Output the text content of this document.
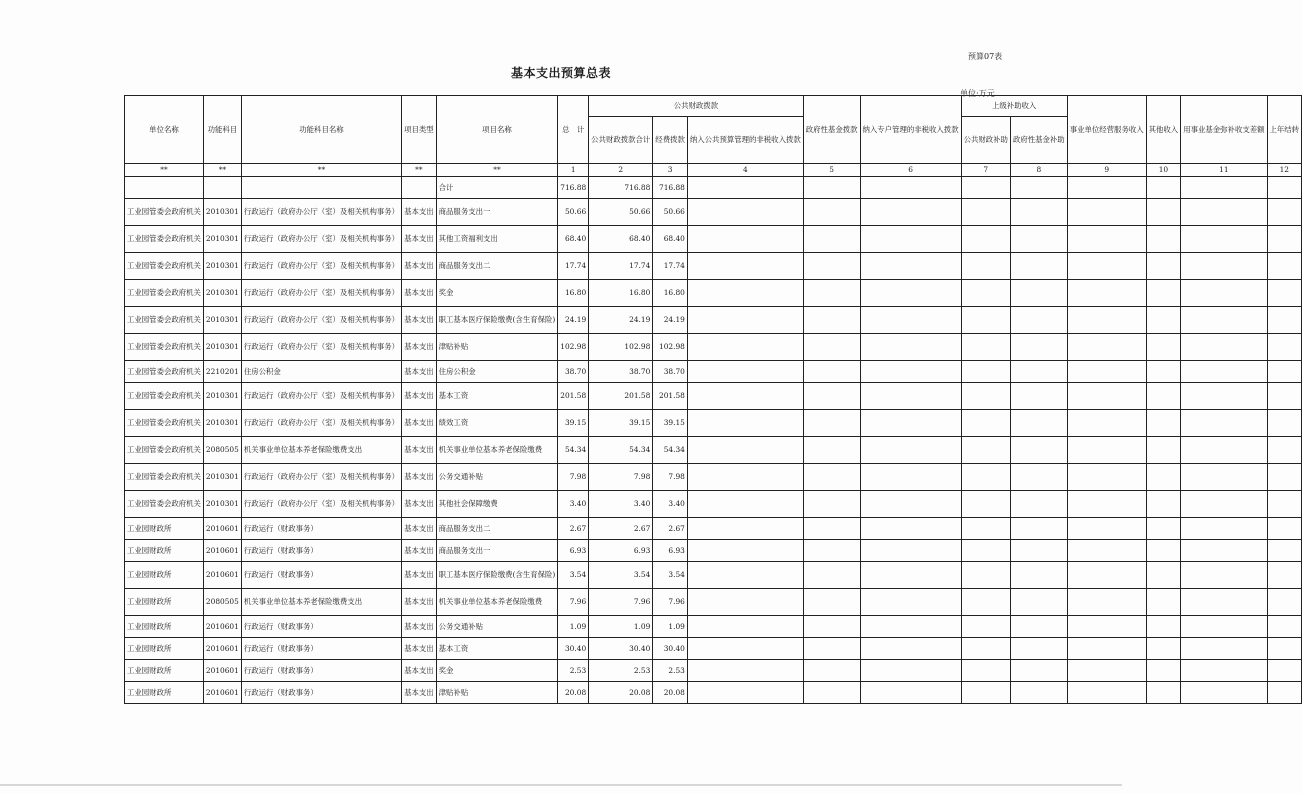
预算07表
基本支出预算总表
单位:万元
单位名称	功能科目	功能科目名称	项目类型	项目名称	总　计	公共财政拨款			政府性基金拨款	纳入专户管理的非税收入拨款	上级补助收入		事业单位经营服务收入	其他收入	用事业基金弥补收支差额	上年结转
						公共财政拨款合计	经费拨款	纳入公共预算管理的非税收入拨款			公共财政补助	政府性基金补助				
**	**	**	**	**	1	2	3	4	5	6	7	8	9	10	11	12
				合计	716.88	716.88	716.88									
工业园管委会政府机关	2010301	行政运行（政府办公厅（室）及相关机构事务）	基本支出	商品服务支出一	50.66	50.66	50.66									
工业园管委会政府机关	2010301	行政运行（政府办公厅（室）及相关机构事务）	基本支出	其他工资福利支出	68.40	68.40	68.40									
工业园管委会政府机关	2010301	行政运行（政府办公厅（室）及相关机构事务）	基本支出	商品服务支出二	17.74	17.74	17.74									
工业园管委会政府机关	2010301	行政运行（政府办公厅（室）及相关机构事务）	基本支出	奖金	16.80	16.80	16.80									
工业园管委会政府机关	2010301	行政运行（政府办公厅（室）及相关机构事务）	基本支出	职工基本医疗保险缴费(含生育保险)	24.19	24.19	24.19									
工业园管委会政府机关	2010301	行政运行（政府办公厅（室）及相关机构事务）	基本支出	津贴补贴	102.98	102.98	102.98									
工业园管委会政府机关	2210201	住房公积金	基本支出	住房公积金	38.70	38.70	38.70									
工业园管委会政府机关	2010301	行政运行（政府办公厅（室）及相关机构事务）	基本支出	基本工资	201.58	201.58	201.58									
工业园管委会政府机关	2010301	行政运行（政府办公厅（室）及相关机构事务）	基本支出	绩效工资	39.15	39.15	39.15									
工业园管委会政府机关	2080505	机关事业单位基本养老保险缴费支出	基本支出	机关事业单位基本养老保险缴费	54.34	54.34	54.34									
工业园管委会政府机关	2010301	行政运行（政府办公厅（室）及相关机构事务）	基本支出	公务交通补贴	7.98	7.98	7.98									
工业园管委会政府机关	2010301	行政运行（政府办公厅（室）及相关机构事务）	基本支出	其他社会保障缴费	3.40	3.40	3.40									
工业园财政所	2010601	行政运行（财政事务）	基本支出	商品服务支出二	2.67	2.67	2.67									
工业园财政所	2010601	行政运行（财政事务）	基本支出	商品服务支出一	6.93	6.93	6.93									
工业园财政所	2010601	行政运行（财政事务）	基本支出	职工基本医疗保险缴费(含生育保险)	3.54	3.54	3.54									
工业园财政所	2080505	机关事业单位基本养老保险缴费支出	基本支出	机关事业单位基本养老保险缴费	7.96	7.96	7.96									
工业园财政所	2010601	行政运行（财政事务）	基本支出	公务交通补贴	1.09	1.09	1.09									
工业园财政所	2010601	行政运行（财政事务）	基本支出	基本工资	30.40	30.40	30.40									
工业园财政所	2010601	行政运行（财政事务）	基本支出	奖金	2.53	2.53	2.53									
工业园财政所	2010601	行政运行（财政事务）	基本支出	津贴补贴	20.08	20.08	20.08									
